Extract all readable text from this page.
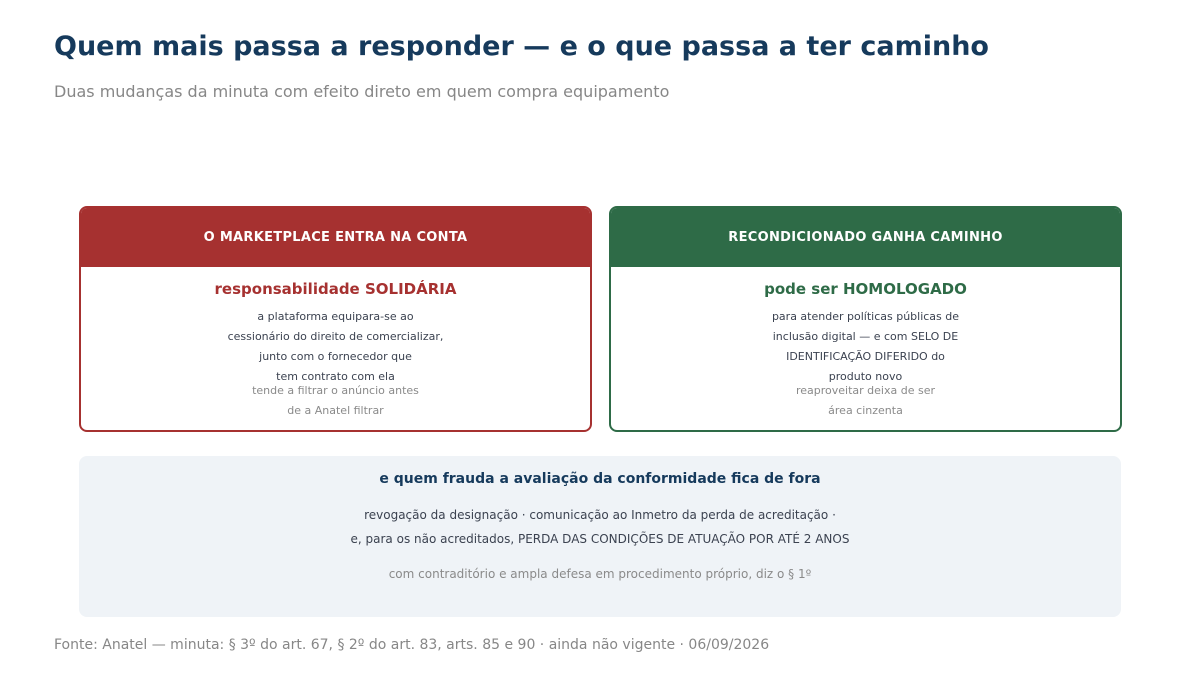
Quem mais passa a responder — e o que passa a ter caminho
Duas mudanças da minuta com efeito direto em quem compra equipamento
O MARKETPLACE ENTRA NA CONTA
responsabilidade SOLIDÁRIA
a plataforma equipara-se ao
cessionário do direito de comercializar,
junto com o fornecedor que
tem contrato com ela
tende a filtrar o anúncio antes
de a Anatel filtrar
RECONDICIONADO GANHA CAMINHO
pode ser HOMOLOGADO
para atender políticas públicas de
inclusão digital — e com SELO DE
IDENTIFICAÇÃO DIFERIDO do
produto novo
reaproveitar deixa de ser
área cinzenta
e quem frauda a avaliação da conformidade fica de fora
revogação da designação · comunicação ao Inmetro da perda de acreditação ·
e, para os não acreditados, PERDA DAS CONDIÇÕES DE ATUAÇÃO POR ATÉ 2 ANOS
com contraditório e ampla defesa em procedimento próprio, diz o § 1º
Fonte: Anatel — minuta: § 3º do art. 67, § 2º do art. 83, arts. 85 e 90 · ainda não vigente · 06/09/2026
